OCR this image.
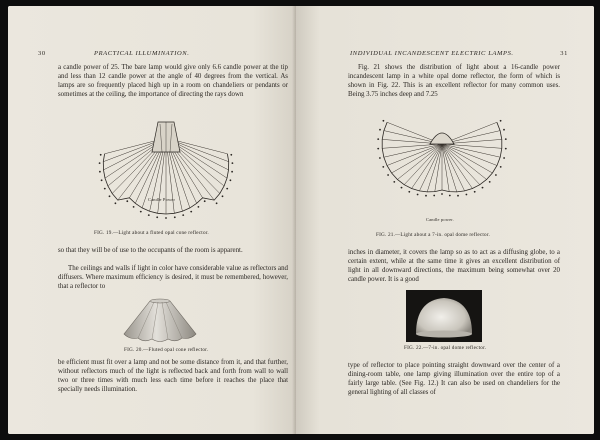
30	PRACTICAL ILLUMINATION.

a candle power of 25. The bare lamp would give only 6.6 candle power at the tip and less than 12 candle power at the angle of 40 degrees from the vertical. As lamps are so frequently placed high up in a room on chandeliers or pendants or sometimes at the ceiling, the importance of directing the rays down

Candle Power
FIG. 19.—Light about a fluted opal cone reflector.

so that they will be of use to the occupants of the room is apparent.

The ceilings and walls if light in color have considerable value as reflectors and diffusers. Where maximum efficiency is desired, it must be remembered, however, that a reflector to

FIG. 20.—Fluted opal cone reflector.

be efficient must fit over a lamp and not be some distance from it, and that further, without reflectors much of the light is reflected back and forth from wall to wall two or three times with much less each time before it reaches the place that specially needs illumination.

INDIVIDUAL INCANDESCENT ELECTRIC LAMPS.	31

Fig. 21 shows the distribution of light about a 16-candle power incandescent lamp in a white opal dome reflector, the form of which is shown in Fig. 22. This is an excellent reflector for many common uses. Being 3.75 inches deep and 7.25

Candle power.
FIG. 21.—Light about a 7-in. opal dome reflector.

inches in diameter, it covers the lamp so as to act as a diffusing globe, to a certain extent, while at the same time it gives an excellent distribution of light in all downward directions, the maximum being somewhat over 20 candle power. It is a good

FIG. 22.—7-in. opal dome reflector.

type of reflector to place pointing straight downward over the center of a dining-room table, one lamp giving illumination over the entire top of a fairly large table. (See Fig. 12.) It can also be used on chandeliers for the general lighting of all classes of
